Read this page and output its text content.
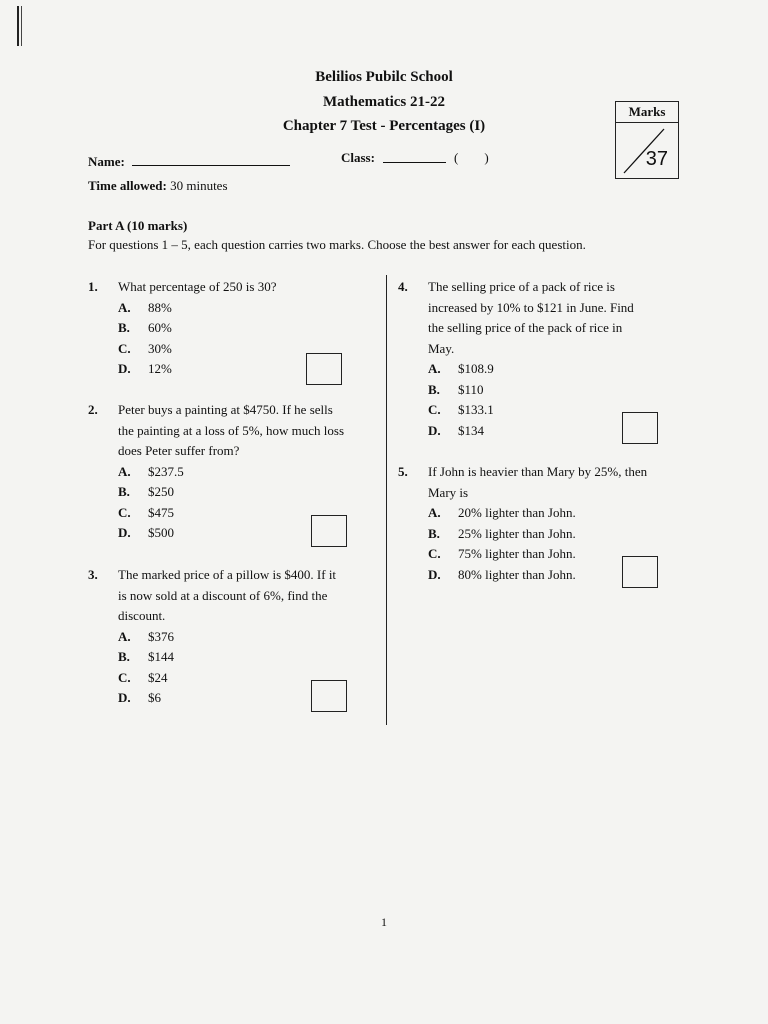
Belilios Pubilc School
Mathematics 21-22
Chapter 7 Test - Percentages (I)
Marks
37
Name:	Class:	(        )
Time allowed: 30 minutes
Part A (10 marks)
For questions 1 – 5, each question carries two marks. Choose the best answer for each question.
1. What percentage of 250 is 30?
A. 88%
B. 60%
C. 30%
D. 12%
2. Peter buys a painting at $4750. If he sells
the painting at a loss of 5%, how much loss
does Peter suffer from?
A. $237.5
B. $250
C. $475
D. $500
3. The marked price of a pillow is $400. If it
is now sold at a discount of 6%, find the
discount.
A. $376
B. $144
C. $24
D. $6
4. The selling price of a pack of rice is
increased by 10% to $121 in June. Find
the selling price of the pack of rice in
May.
A. $108.9
B. $110
C. $133.1
D. $134
5. If John is heavier than Mary by 25%, then
Mary is
A. 20% lighter than John.
B. 25% lighter than John.
C. 75% lighter than John.
D. 80% lighter than John.
1
